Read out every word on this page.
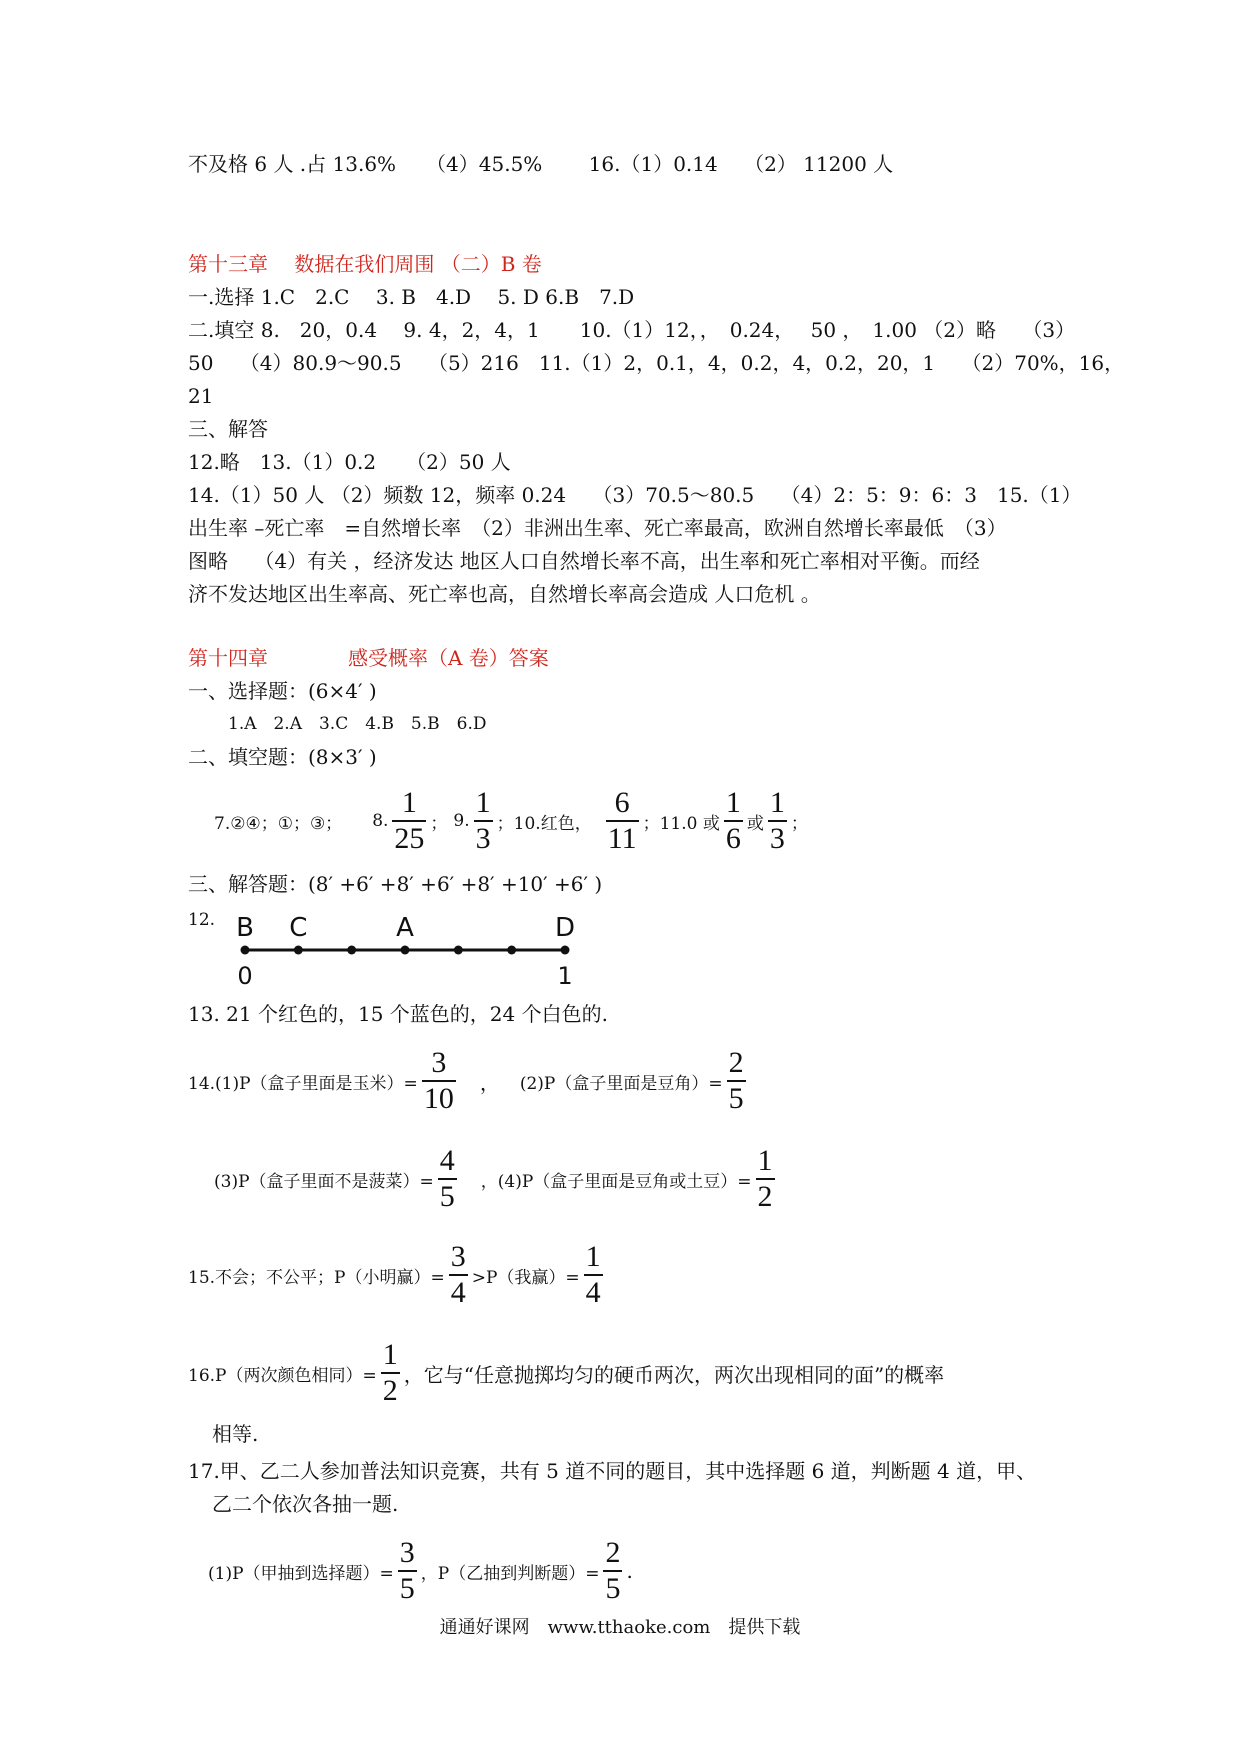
不及格 6 人 .占 13.6%　　（4）45.5%　　 16.（1）0.14　 （2） 11200 人
第十三章　 数据在我们周围 （二）B 卷
一.选择 1.C　2.C　 3. B　4.D　 5. D 6.B　7.D
二.填空 8.　20，0.4　 9. 4，2，4，1　　10.（1）12，，　0.24，　 50 ，　1.00 （2）略　 （3）
50　 （4）80.9～90.5　 （5）216　11.（1）2，0.1，4，0.2，4，0.2，20，1　 （2）70%，16，
21
三、解答
12.略　13.（1）0.2　　（2）50 人
14.（1）50 人 （2）频数 12，频率 0.24　 （3）70.5～80.5　 （4）2：5：9：6：3　15.（1）
出生率 –死亡率　=自然增长率　（2）非洲出生率、死亡率最高，欧洲自然增长率最低　（3）
图略　 （4）有关 ，经济发达 地区人口自然增长率不高，出生率和死亡率相对平衡。而经
济不发达地区出生率高、死亡率也高，自然增长率高会造成 人口危机 。
第十四章　　　　感受概率（A 卷）答案
一、选择题：(6×4′ )
1.A　2.A　3.C　4.B　5.B　6.D
二、填空题：(8×3′ )
7.②④；①；③； 8. $\frac{1}{25}$ ； 9. $\frac{1}{3}$ ；10.红色， $\frac{6}{11}$ ；11.0 或 $\frac{1}{6}$ 或 $\frac{1}{3}$ ；
三、解答题：(8′ +6′ +8′ +6′ +8′ +10′ +6′ )
12. B C	A	D
0	1
13. 21 个红色的，15 个蓝色的，24 个白色的.
14.(1)P（盒子里面是玉米）= $\frac{3}{10}$ ， (2)P（盒子里面是豆角）= $\frac{2}{5}$
(3)P（盒子里面不是菠菜）= $\frac{4}{5}$ ，(4)P（盒子里面是豆角或土豆）= $\frac{1}{2}$
15.不会；不公平；P（小明赢）= $\frac{3}{4} >P$（我赢）= $\frac{1}{4}$
16.P（两次颜色相同）= $\frac{1}{2}$ ，它与“任意抛掷均匀的硬币两次，两次出现相同的面”的概率
相等.
17.甲、乙二人参加普法知识竞赛，共有 5 道不同的题目，其中选择题 6 道，判断题 4 道，甲、
乙二个依次各抽一题.
(1)P（甲抽到选择题）= $\frac{3}{5}$ ，P（乙抽到判断题）= $\frac{2}{5}$ .
通通好课网　www.tthaoke.com　提供下载
